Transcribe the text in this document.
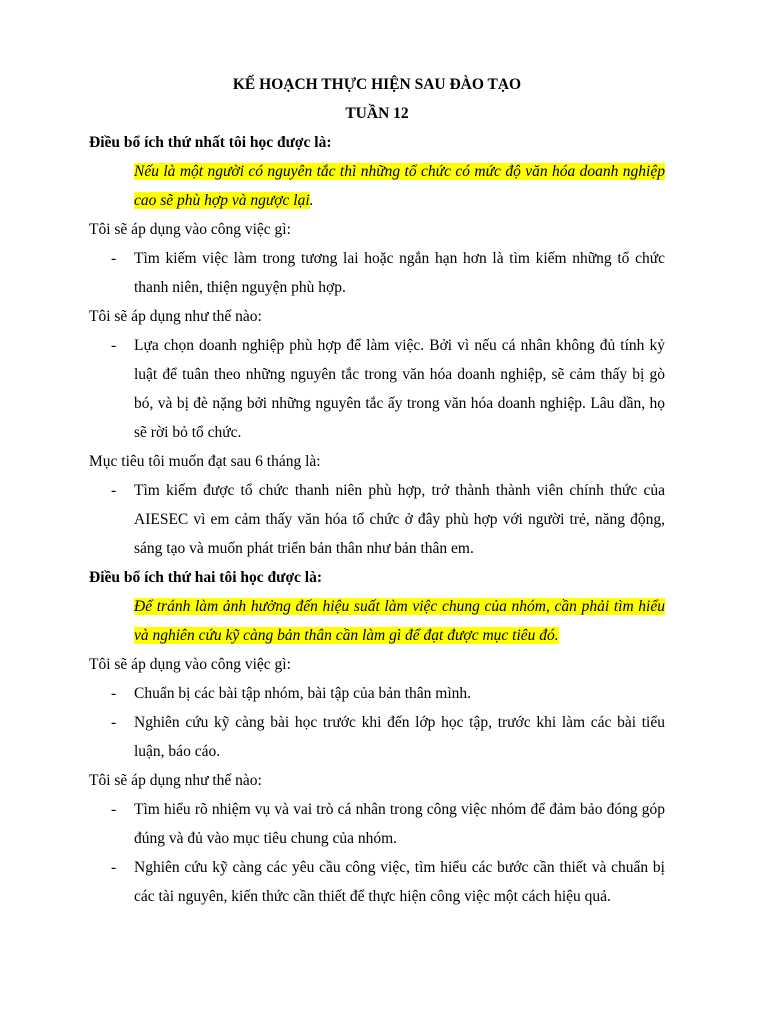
KẾ HOẠCH THỰC HIỆN SAU ĐÀO TẠO

TUẦN 12

Điều bổ ích thứ nhất tôi học được là:

Nếu là một người có nguyên tắc thì những tổ chức có mức độ văn hóa doanh nghiệp cao sẽ phù hợp và ngược lại.

Tôi sẽ áp dụng vào công việc gì:

- Tìm kiếm việc làm trong tương lai hoặc ngắn hạn hơn là tìm kiếm những tổ chức thanh niên, thiện nguyện phù hợp.

Tôi sẽ áp dụng như thế nào:

- Lựa chọn doanh nghiệp phù hợp để làm việc. Bởi vì nếu cá nhân không đủ tính kỷ luật để tuân theo những nguyên tắc trong văn hóa doanh nghiệp, sẽ cảm thấy bị gò bó, và bị đè nặng bởi những nguyên tắc ấy trong văn hóa doanh nghiệp. Lâu dần, họ sẽ rời bỏ tổ chức.

Mục tiêu tôi muốn đạt sau 6 tháng là:

- Tìm kiếm được tổ chức thanh niên phù hợp, trở thành thành viên chính thức của AIESEC vì em cảm thấy văn hóa tổ chức ở đây phù hợp với người trẻ, năng động, sáng tạo và muốn phát triển bản thân như bản thân em.

Điều bổ ích thứ hai tôi học được là:

Để tránh làm ảnh hưởng đến hiệu suất làm việc chung của nhóm, cần phải tìm hiểu và nghiên cứu kỹ càng bản thân cần làm gì để đạt được mục tiêu đó.

Tôi sẽ áp dụng vào công việc gì:

- Chuẩn bị các bài tập nhóm, bài tập của bản thân mình.

- Nghiên cứu kỹ càng bài học trước khi đến lớp học tập, trước khi làm các bài tiểu luận, báo cáo.

Tôi sẽ áp dụng như thế nào:

- Tìm hiểu rõ nhiệm vụ và vai trò cá nhân trong công việc nhóm để đảm bảo đóng góp đúng và đủ vào mục tiêu chung của nhóm.

- Nghiên cứu kỹ càng các yêu cầu công việc, tìm hiểu các bước cần thiết và chuẩn bị các tài nguyên, kiến thức cần thiết để thực hiện công việc một cách hiệu quả.
